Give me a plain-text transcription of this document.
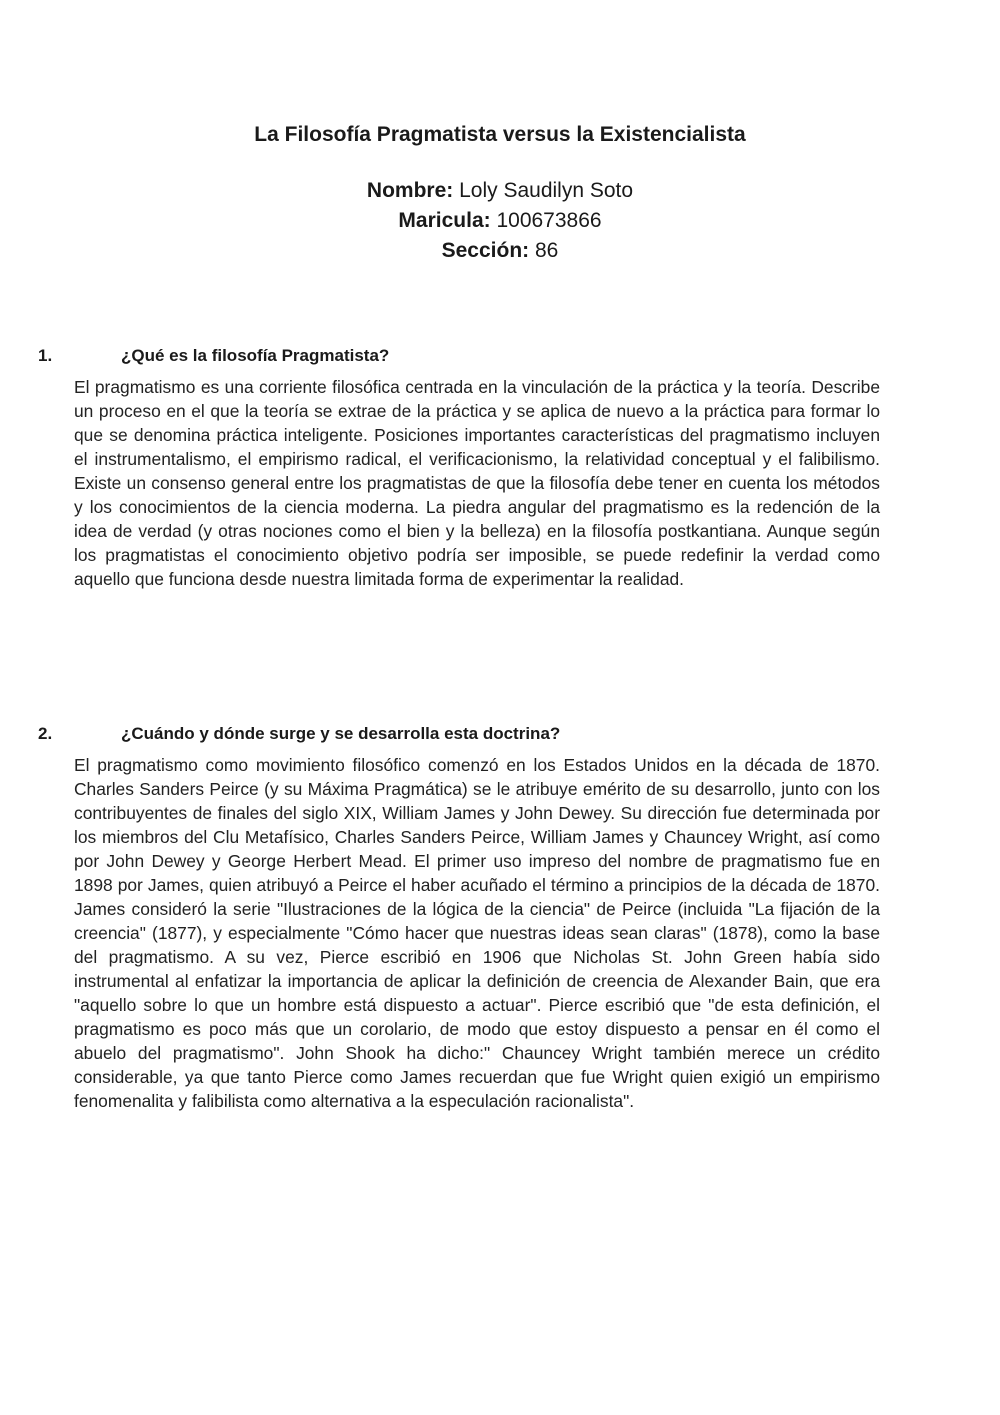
La Filosofía Pragmatista versus la Existencialista
Nombre: Loly Saudilyn Soto
Maricula: 100673866
Sección: 86
1.	¿Qué es la filosofía Pragmatista?
El pragmatismo es una corriente filosófica centrada en la vinculación de la práctica y la teoría. Describe un proceso en el que la teoría se extrae de la práctica y se aplica de nuevo a la práctica para formar lo que se denomina práctica inteligente. Posiciones importantes características del pragmatismo incluyen el instrumentalismo, el empirismo radical, el verificacionismo, la relatividad conceptual y el falibilismo. Existe un consenso general entre los pragmatistas de que la filosofía debe tener en cuenta los métodos y los conocimientos de la ciencia moderna. La piedra angular del pragmatismo es la redención de la idea de verdad (y otras nociones como el bien y la belleza) en la filosofía postkantiana. Aunque según los pragmatistas el conocimiento objetivo podría ser imposible, se puede redefinir la verdad como aquello que funciona desde nuestra limitada forma de experimentar la realidad.
2.	¿Cuándo y dónde surge y se desarrolla esta doctrina?
El pragmatismo como movimiento filosófico comenzó en los Estados Unidos en la década de 1870. Charles Sanders Peirce (y su Máxima Pragmática) se le atribuye emérito de su desarrollo, junto con los contribuyentes de finales del siglo XIX, William James y John Dewey. Su dirección fue determinada por los miembros del Clu Metafísico, Charles Sanders Peirce, William James y Chauncey Wright, así como por John Dewey y George Herbert Mead. El primer uso impreso del nombre de pragmatismo fue en 1898 por James, quien atribuyó a Peirce el haber acuñado el término a principios de la década de 1870. James consideró la serie "Ilustraciones de la lógica de la ciencia" de Peirce (incluida "La fijación de la creencia" (1877), y especialmente "Cómo hacer que nuestras ideas sean claras" (1878), como la base del pragmatismo. A su vez, Pierce escribió en 1906 que Nicholas St. John Green había sido instrumental al enfatizar la importancia de aplicar la definición de creencia de Alexander Bain, que era "aquello sobre lo que un hombre está dispuesto a actuar". Pierce escribió que "de esta definición, el pragmatismo es poco más que un corolario, de modo que estoy dispuesto a pensar en él como el abuelo del pragmatismo". John Shook ha dicho:" Chauncey Wright también merece un crédito considerable, ya que tanto Pierce como James recuerdan que fue Wright quien exigió un empirismo fenomenalita y falibilista como alternativa a la especulación racionalista".
